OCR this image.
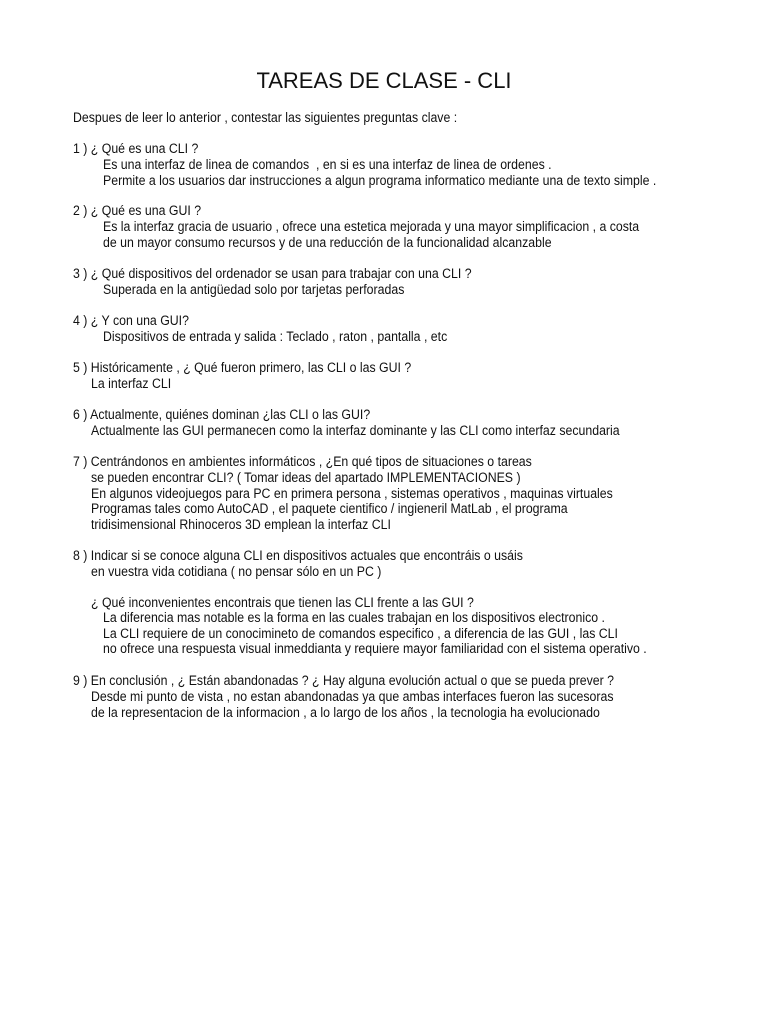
TAREAS DE CLASE - CLI
Despues de leer lo anterior , contestar las siguientes preguntas clave :
1 ) ¿ Qué es una CLI ?
Es una interfaz de linea de comandos  , en si es una interfaz de linea de ordenes .
Permite a los usuarios dar instrucciones a algun programa informatico mediante una de texto simple .
2 ) ¿ Qué es una GUI ?
Es la interfaz gracia de usuario , ofrece una estetica mejorada y una mayor simplificacion , a costa
de un mayor consumo recursos y de una reducción de la funcionalidad alcanzable
3 ) ¿ Qué dispositivos del ordenador se usan para trabajar con una CLI ?
Superada en la antigüedad solo por tarjetas perforadas
4 ) ¿ Y con una GUI?
Dispositivos de entrada y salida : Teclado , raton , pantalla , etc
5 ) Históricamente , ¿ Qué fueron primero, las CLI o las GUI ?
La interfaz CLI
6 ) Actualmente, quiénes dominan ¿las CLI o las GUI?
Actualmente las GUI permanecen como la interfaz dominante y las CLI como interfaz secundaria
7 ) Centrándonos en ambientes informáticos , ¿En qué tipos de situaciones o tareas
se pueden encontrar CLI? ( Tomar ideas del apartado IMPLEMENTACIONES )
En algunos videojuegos para PC en primera persona , sistemas operativos , maquinas virtuales
Programas tales como AutoCAD , el paquete cientifico / ingieneril MatLab , el programa
tridisimensional Rhinoceros 3D emplean la interfaz CLI
8 ) Indicar si se conoce alguna CLI en dispositivos actuales que encontráis o usáis
en vuestra vida cotidiana ( no pensar sólo en un PC )
¿ Qué inconvenientes encontrais que tienen las CLI frente a las GUI ?
La diferencia mas notable es la forma en las cuales trabajan en los dispositivos electronico .
La CLI requiere de un conocimineto de comandos especifico , a diferencia de las GUI , las CLI
no ofrece una respuesta visual inmeddianta y requiere mayor familiaridad con el sistema operativo .
9 ) En conclusión , ¿ Están abandonadas ? ¿ Hay alguna evolución actual o que se pueda prever ?
Desde mi punto de vista , no estan abandonadas ya que ambas interfaces fueron las sucesoras
de la representacion de la informacion , a lo largo de los años , la tecnologia ha evolucionado
